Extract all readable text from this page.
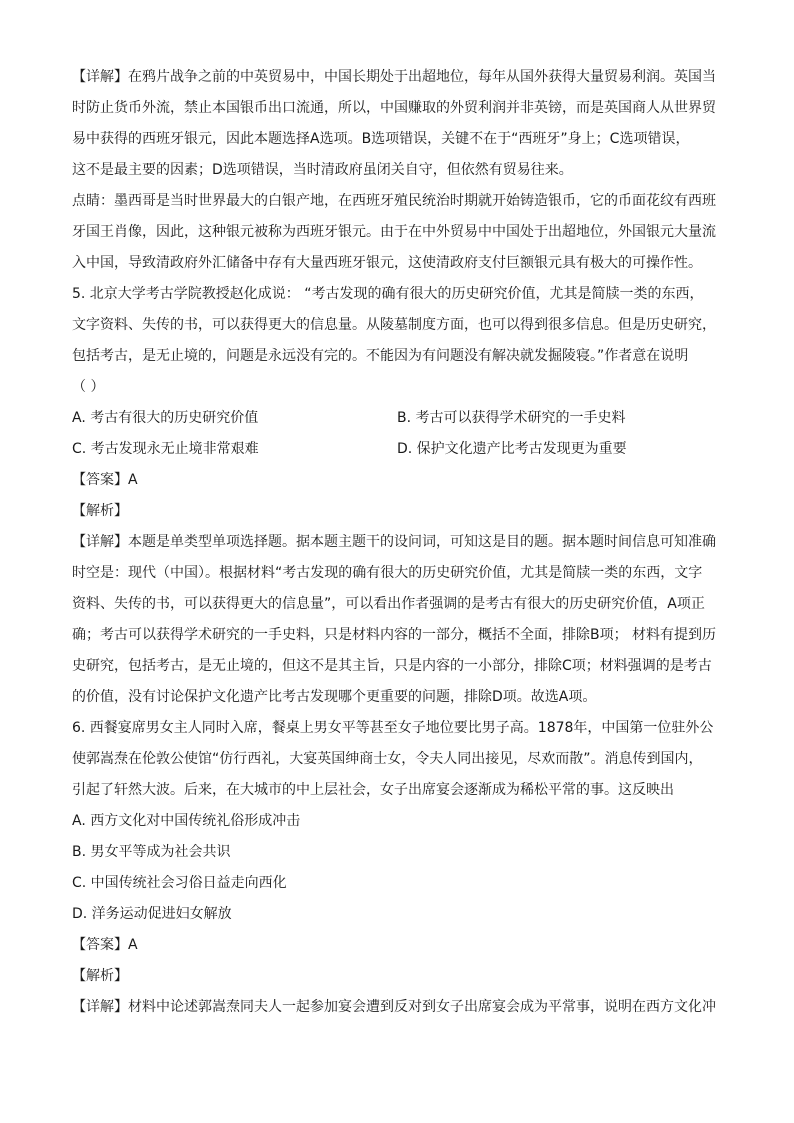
【详解】在鸦片战争之前的中英贸易中，中国长期处于出超地位，每年从国外获得大量贸易利润。英国当
时防止货币外流，禁止本国银币出口流通，所以，中国赚取的外贸利润并非英镑，而是英国商人从世界贸
易中获得的西班牙银元，因此本题选择A选项。B选项错误，关键不在于“西班牙”身上；C选项错误，
这不是最主要的因素；D选项错误，当时清政府虽闭关自守，但依然有贸易往来。
点睛：墨西哥是当时世界最大的白银产地，在西班牙殖民统治时期就开始铸造银币，它的币面花纹有西班
牙国王肖像，因此，这种银元被称为西班牙银元。由于在中外贸易中中国处于出超地位，外国银元大量流
入中国，导致清政府外汇储备中存有大量西班牙银元，这使清政府支付巨额银元具有极大的可操作性。
5. 北京大学考古学院教授赵化成说： “考古发现的确有很大的历史研究价值，尤其是简牍一类的东西，
文字资料、失传的书，可以获得更大的信息量。从陵墓制度方面，也可以得到很多信息。但是历史研究，
包括考古，是无止境的，问题是永远没有完的。不能因为有问题没有解决就发掘陵寝。”作者意在说明
（ ）
A. 考古有很大的历史研究价值	B. 考古可以获得学术研究的一手史料
C. 考古发现永无止境非常艰难	D. 保护文化遗产比考古发现更为重要
【答案】A
【解析】
【详解】本题是单类型单项选择题。据本题主题干的设问词，可知这是目的题。据本题时间信息可知准确
时空是：现代（中国）。根据材料“考古发现的确有很大的历史研究价值，尤其是简牍一类的东西，文字
资料、失传的书，可以获得更大的信息量”，可以看出作者强调的是考古有很大的历史研究价值，A项正
确；考古可以获得学术研究的一手史料，只是材料内容的一部分，概括不全面，排除B项； 材料有提到历
史研究，包括考古，是无止境的，但这不是其主旨，只是内容的一小部分，排除C项；材料强调的是考古
的价值，没有讨论保护文化遗产比考古发现哪个更重要的问题，排除D项。故选A项。
6. 西餐宴席男女主人同时入席，餐桌上男女平等甚至女子地位要比男子高。1878年，中国第一位驻外公
使郭嵩焘在伦敦公使馆“仿行西礼，大宴英国绅商士女，令夫人同出接见，尽欢而散”。消息传到国内，
引起了轩然大波。后来，在大城市的中上层社会，女子出席宴会逐渐成为稀松平常的事。这反映出
A. 西方文化对中国传统礼俗形成冲击
B. 男女平等成为社会共识
C. 中国传统社会习俗日益走向西化
D. 洋务运动促进妇女解放
【答案】A
【解析】
【详解】材料中论述郭嵩焘同夫人一起参加宴会遭到反对到女子出席宴会成为平常事，说明在西方文化冲
